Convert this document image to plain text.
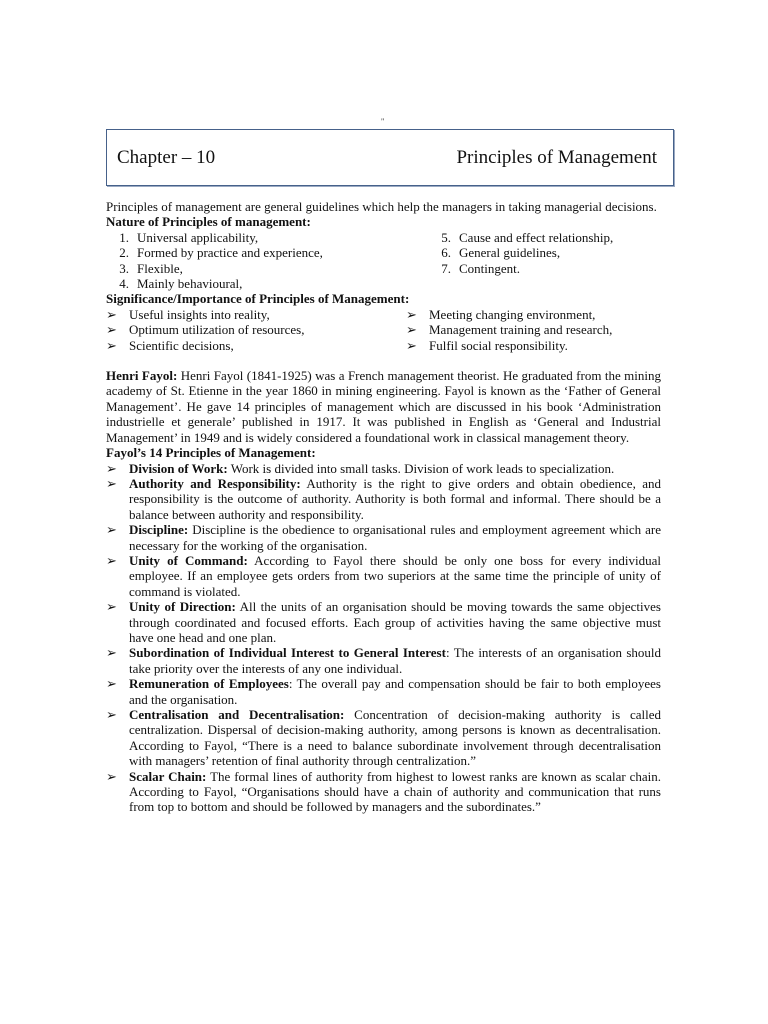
"
Chapter – 10	Principles of Management

Principles of management are general guidelines which help the managers in taking managerial decisions.

Nature of Principles of management:
1. Universal applicability,
2. Formed by practice and experience,
3. Flexible,
4. Mainly behavioural,
5. Cause and effect relationship,
6. General guidelines,
7. Contingent.
Significance/Importance of Principles of Management:
➢ Useful insights into reality,
➢ Optimum utilization of resources,
➢ Scientific decisions,
➢ Meeting changing environment,
➢ Management training and research,
➢ Fulfil social responsibility.

Henri Fayol: Henri Fayol (1841-1925) was a French management theorist. He graduated from the mining academy of St. Etienne in the year 1860 in mining engineering. Fayol is known as the ‘Father of General Management’. He gave 14 principles of management which are discussed in his book ‘Administration industrielle et generale’ published in 1917. It was published in English as ‘General and Industrial Management’ in 1949 and is widely considered a foundational work in classical management theory.

Fayol’s 14 Principles of Management:
➢ Division of Work: Work is divided into small tasks. Division of work leads to specialization.
➢ Authority and Responsibility: Authority is the right to give orders and obtain obedience, and responsibility is the outcome of authority. Authority is both formal and informal. There should be a balance between authority and responsibility.
➢ Discipline: Discipline is the obedience to organisational rules and employment agreement which are necessary for the working of the organisation.
➢ Unity of Command: According to Fayol there should be only one boss for every individual employee. If an employee gets orders from two superiors at the same time the principle of unity of command is violated.
➢ Unity of Direction: All the units of an organisation should be moving towards the same objectives through coordinated and focused efforts. Each group of activities having the same objective must have one head and one plan.
➢ Subordination of Individual Interest to General Interest: The interests of an organisation should take priority over the interests of any one individual.
➢ Remuneration of Employees: The overall pay and compensation should be fair to both employees and the organisation.
➢ Centralisation and Decentralisation: Concentration of decision-making authority is called centralization. Dispersal of decision-making authority, among persons is known as decentralisation. According to Fayol, “There is a need to balance subordinate involvement through decentralisation with managers’ retention of final authority through centralization.”
➢ Scalar Chain: The formal lines of authority from highest to lowest ranks are known as scalar chain. According to Fayol, “Organisations should have a chain of authority and communication that runs from top to bottom and should be followed by managers and the subordinates.”
